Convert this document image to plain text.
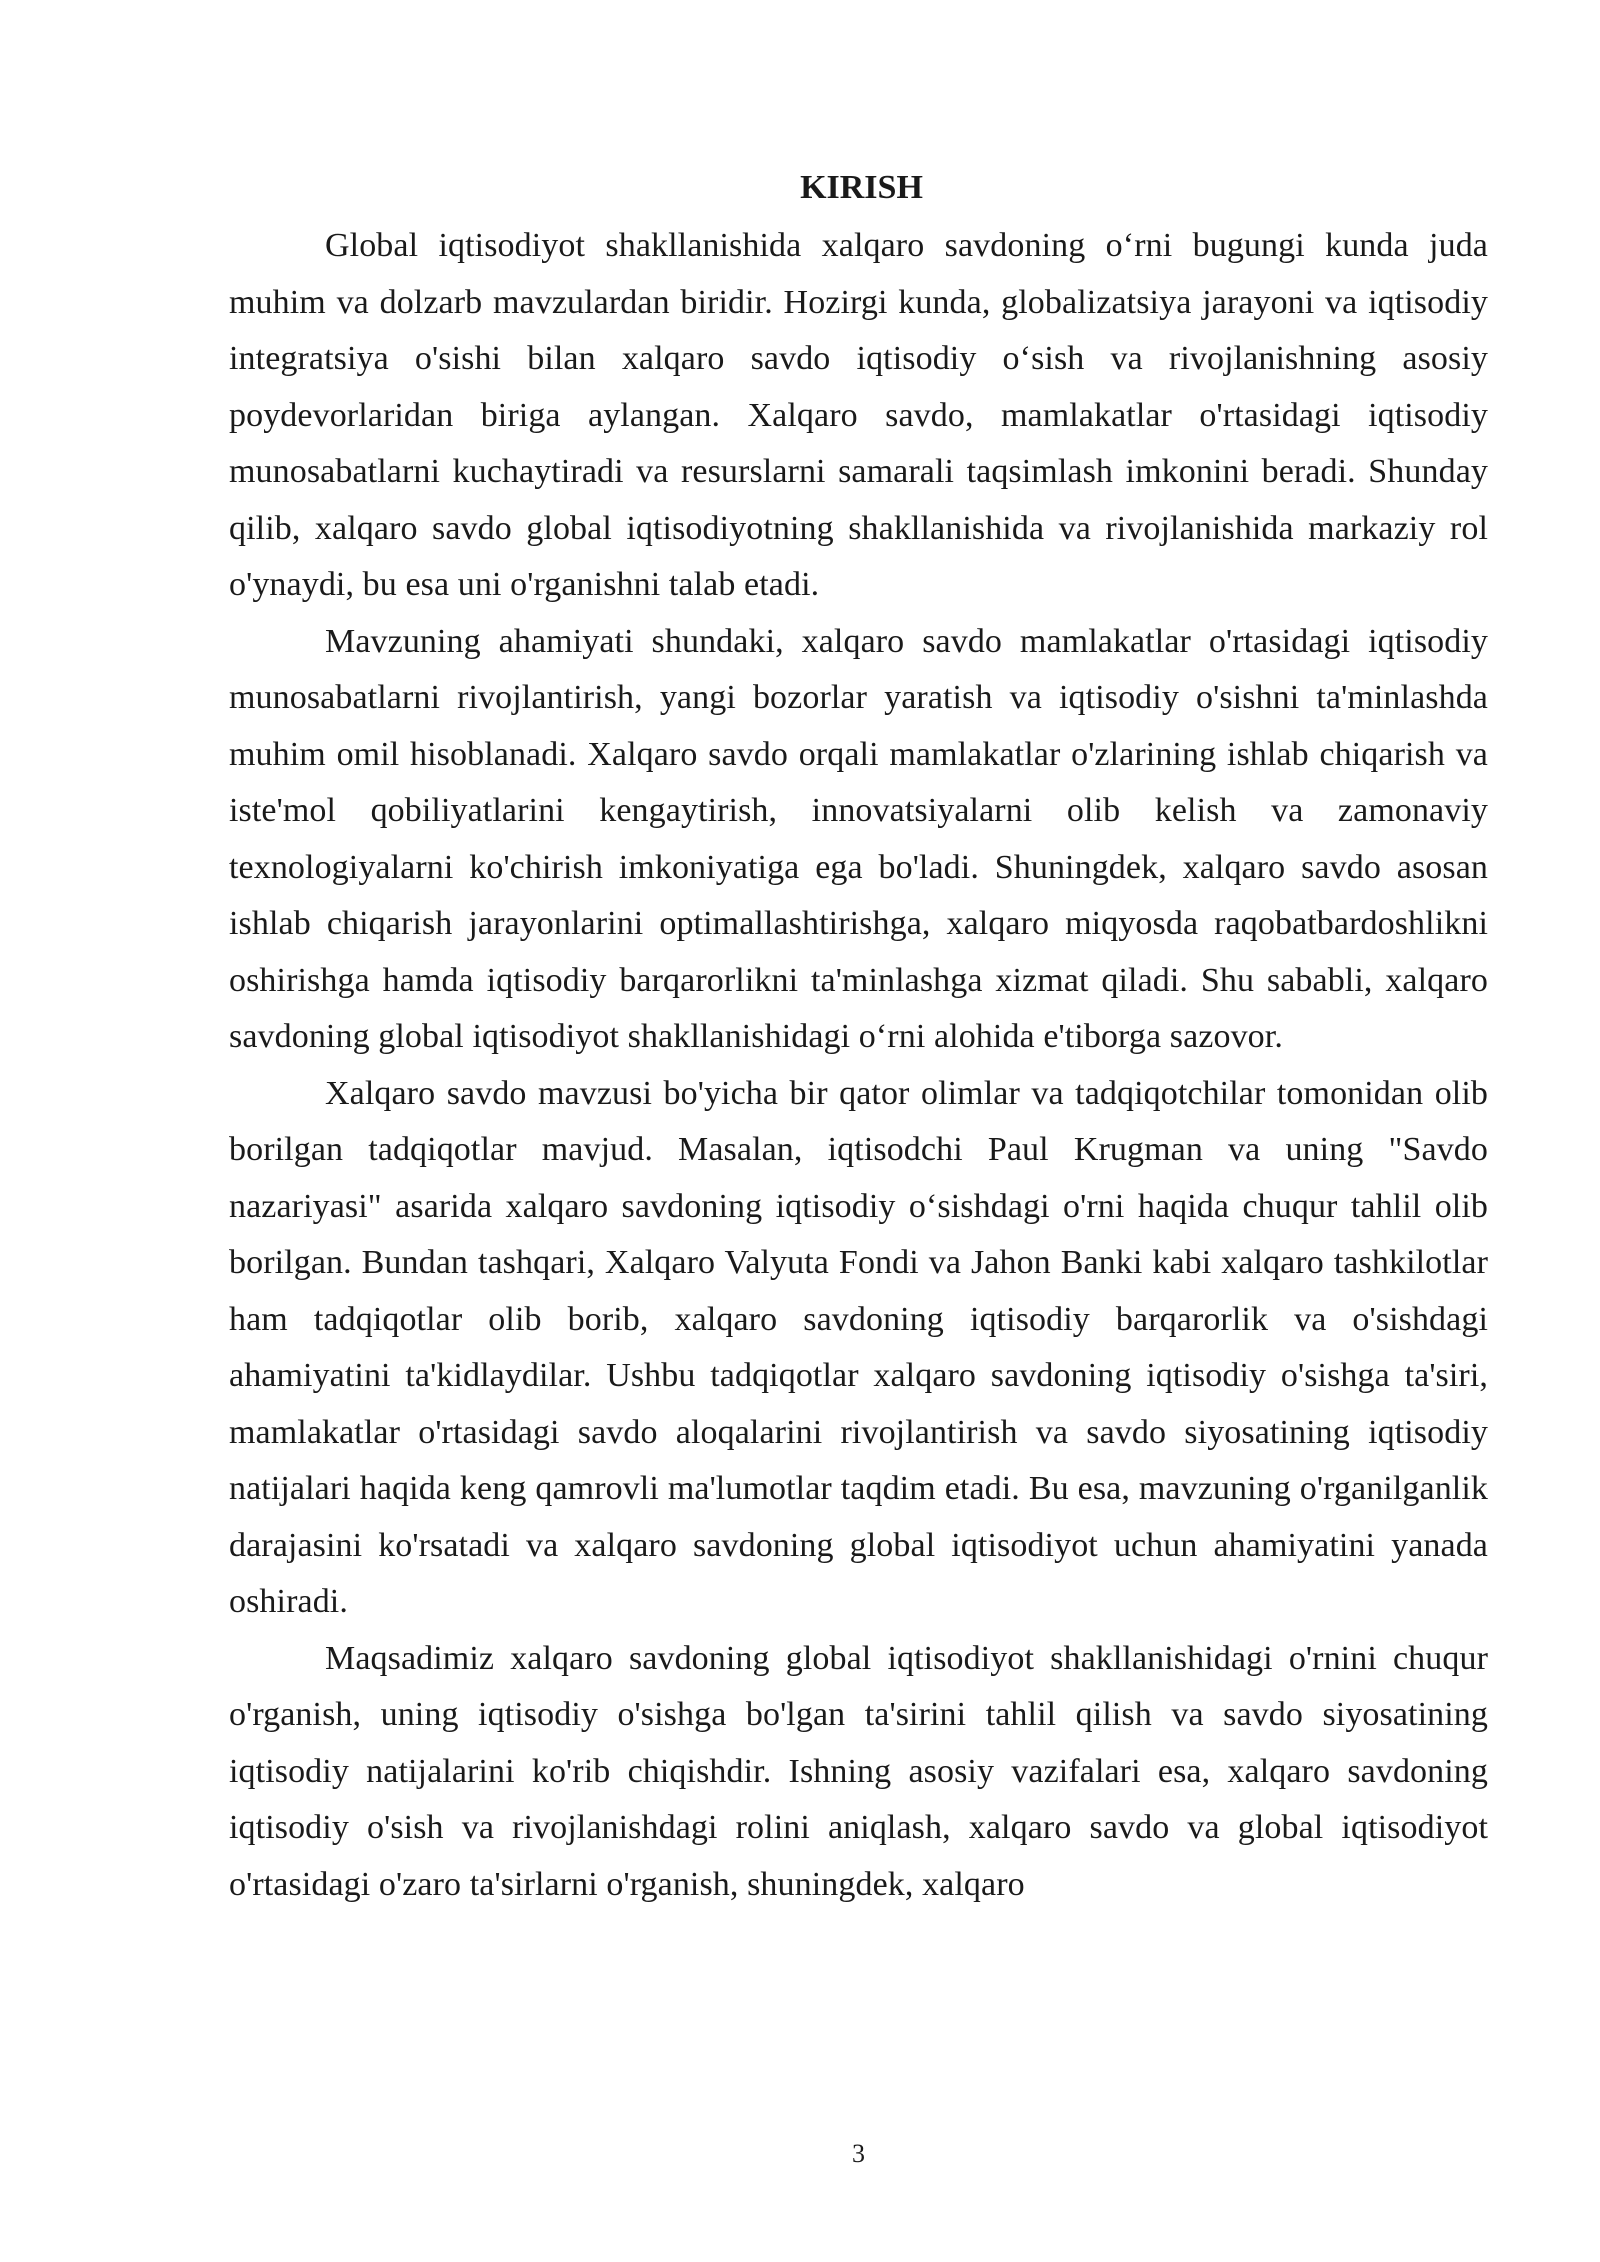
KIRISH

Global iqtisodiyot shakllanishida xalqaro savdoning o‘rni bugungi kunda juda muhim va dolzarb mavzulardan biridir. Hozirgi kunda, globalizatsiya jarayoni va iqtisodiy integratsiya o'sishi bilan xalqaro savdo iqtisodiy o‘sish va rivojlanishning asosiy poydevorlaridan biriga aylangan. Xalqaro savdo, mamlakatlar o'rtasidagi iqtisodiy munosabatlarni kuchaytiradi va resurslarni samarali taqsimlash imkonini beradi. Shunday qilib, xalqaro savdo global iqtisodiyotning shakllanishida va rivojlanishida markaziy rol o'ynaydi, bu esa uni o'rganishni talab etadi.

Mavzuning ahamiyati shundaki, xalqaro savdo mamlakatlar o'rtasidagi iqtisodiy munosabatlarni rivojlantirish, yangi bozorlar yaratish va iqtisodiy o'sishni ta'minlashda muhim omil hisoblanadi. Xalqaro savdo orqali mamlakatlar o'zlarining ishlab chiqarish va iste'mol qobiliyatlarini kengaytirish, innovatsiyalarni olib kelish va zamonaviy texnologiyalarni ko'chirish imkoniyatiga ega bo'ladi. Shuningdek, xalqaro savdo asosan ishlab chiqarish jarayonlarini optimallashtirishga, xalqaro miqyosda raqobatbardoshlikni oshirishga hamda iqtisodiy barqarorlikni ta'minlashga xizmat qiladi. Shu sababli, xalqaro savdoning global iqtisodiyot shakllanishidagi o‘rni alohida e'tiborga sazovor.

Xalqaro savdo mavzusi bo'yicha bir qator olimlar va tadqiqotchilar tomonidan olib borilgan tadqiqotlar mavjud. Masalan, iqtisodchi Paul Krugman va uning "Savdo nazariyasi" asarida xalqaro savdoning iqtisodiy o‘sishdagi o'rni haqida chuqur tahlil olib borilgan. Bundan tashqari, Xalqaro Valyuta Fondi va Jahon Banki kabi xalqaro tashkilotlar ham tadqiqotlar olib borib, xalqaro savdoning iqtisodiy barqarorlik va o'sishdagi ahamiyatini ta'kidlaydilar. Ushbu tadqiqotlar xalqaro savdoning iqtisodiy o'sishga ta'siri, mamlakatlar o'rtasidagi savdo aloqalarini rivojlantirish va savdo siyosatining iqtisodiy natijalari haqida keng qamrovli ma'lumotlar taqdim etadi. Bu esa, mavzuning o'rganilganlik darajasini ko'rsatadi va xalqaro savdoning global iqtisodiyot uchun ahamiyatini yanada oshiradi.

Maqsadimiz xalqaro savdoning global iqtisodiyot shakllanishidagi o'rnini chuqur o'rganish, uning iqtisodiy o'sishga bo'lgan ta'sirini tahlil qilish va savdo siyosatining iqtisodiy natijalarini ko'rib chiqishdir. Ishning asosiy vazifalari esa, xalqaro savdoning iqtisodiy o'sish va rivojlanishdagi rolini aniqlash, xalqaro savdo va global iqtisodiyot o'rtasidagi o'zaro ta'sirlarni o'rganish, shuningdek, xalqaro

3
